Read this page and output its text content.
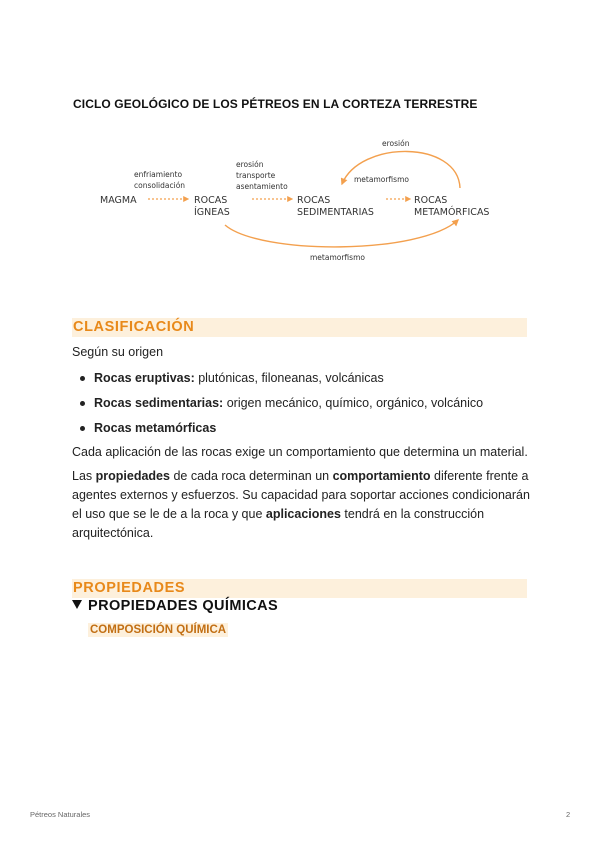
CICLO GEOLÓGICO DE LOS PÉTREOS EN LA CORTEZA TERRESTRE
MAGMA	ROCAS
ÍGNEAS
ROCAS
SEDIMENTARIAS
ROCAS
METAMÓRFICAS
enfriamiento
consolidación
erosión
transporte
asentamiento
erosión
metamorfismo
metamorfismo
CLASIFICACIÓN
Según su origen
Rocas eruptivas: plutónicas, filoneanas, volcánicas
Rocas sedimentarias: origen mecánico, químico, orgánico, volcánico
Rocas metamórficas
Cada aplicación de las rocas exige un comportamiento que determina un material.
Las propiedades de cada roca determinan un comportamiento diferente frente a agentes externos y esfuerzos. Su capacidad para soportar acciones condicionarán el uso que se le de a la roca y que aplicaciones tendrá en la construcción arquitectónica.
PROPIEDADES
PROPIEDADES QUÍMICAS
COMPOSICIÓN QUÍMICA
Pétreos Naturales	2
